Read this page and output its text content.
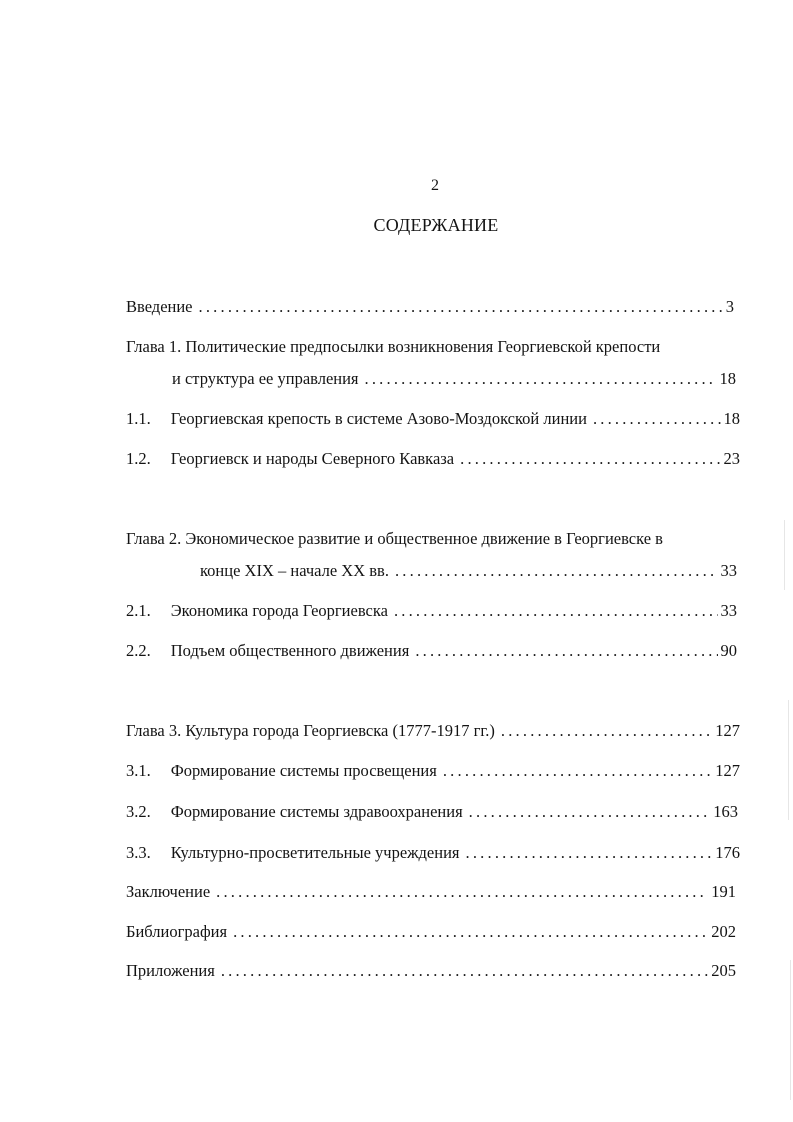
2
СОДЕРЖАНИЕ
Введение .....	3
Глава 1. Политические предпосылки возникновения Георгиевской крепости
и структура ее управления .....	18
1.1. Георгиевская крепость в системе Азово-Моздокской линии .....	18
1.2. Георгиевск и народы Северного Кавказа .....	23
Глава 2. Экономическое развитие и общественное движение в Георгиевске в
конце XIX – начале XX вв. .....	33
2.1. Экономика города Георгиевска .....	33
2.2. Подъем общественного движения .....	90
Глава 3. Культура города Георгиевска (1777-1917 гг.) .....	127
3.1. Формирование системы просвещения .....	127
3.2. Формирование системы здравоохранения .....	163
3.3. Культурно-просветительные учреждения .....	176
Заключение .....	191
Библиография .....	202
Приложения .....	205
